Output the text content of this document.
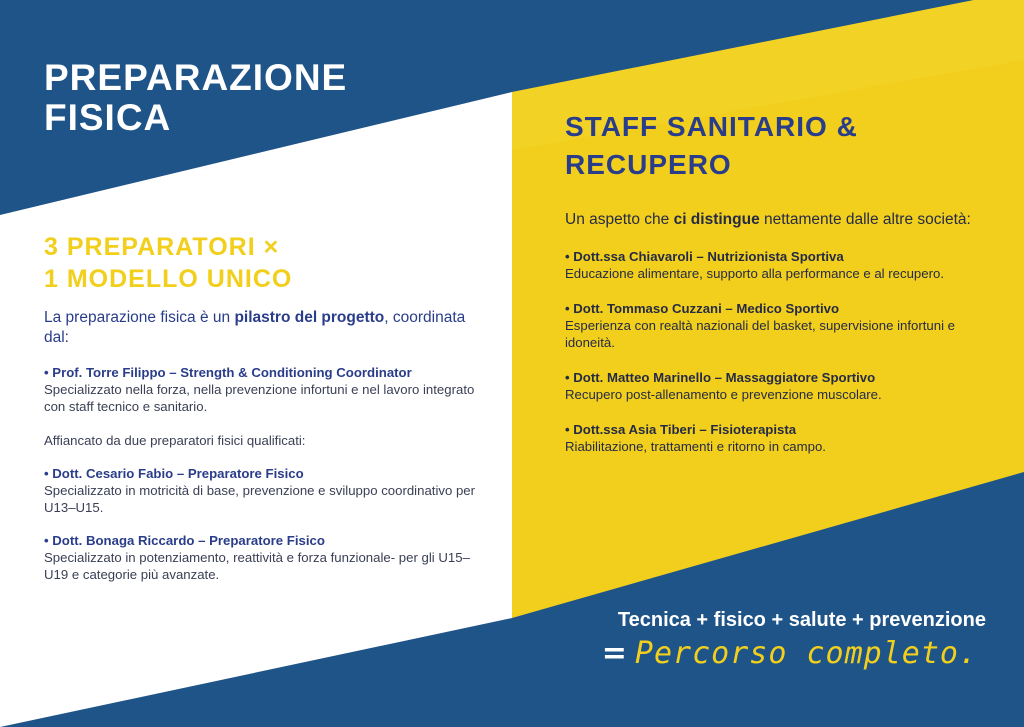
PREPARAZIONE FISICA
3 PREPARATORI ×
1 MODELLO UNICO
La preparazione fisica è un pilastro del progetto, coordinata dal:
• Prof. Torre Filippo – Strength & Conditioning Coordinator
Specializzato nella forza, nella prevenzione infortuni e nel lavoro integrato con staff tecnico e sanitario.
Affiancato da due preparatori fisici qualificati:
• Dott. Cesario Fabio – Preparatore Fisico
Specializzato in motricità di base, prevenzione e sviluppo coordinativo per U13–U15.
• Dott. Bonaga Riccardo – Preparatore Fisico
Specializzato in potenziamento, reattività e forza funzionale- per gli U15–U19 e categorie più avanzate.
STAFF SANITARIO &
RECUPERO
Un aspetto che ci distingue nettamente dalle altre società:
• Dott.ssa Chiavaroli – Nutrizionista Sportiva
Educazione alimentare, supporto alla performance e al recupero.
• Dott. Tommaso Cuzzani – Medico Sportivo
Esperienza con realtà nazionali del basket, supervisione infortuni e idoneità.
• Dott. Matteo Marinello – Massaggiatore Sportivo
Recupero post-allenamento e prevenzione muscolare.
• Dott.ssa Asia Tiberi – Fisioterapista
Riabilitazione, trattamenti e ritorno in campo.
Tecnica + fisico + salute + prevenzione
= Percorso completo.
